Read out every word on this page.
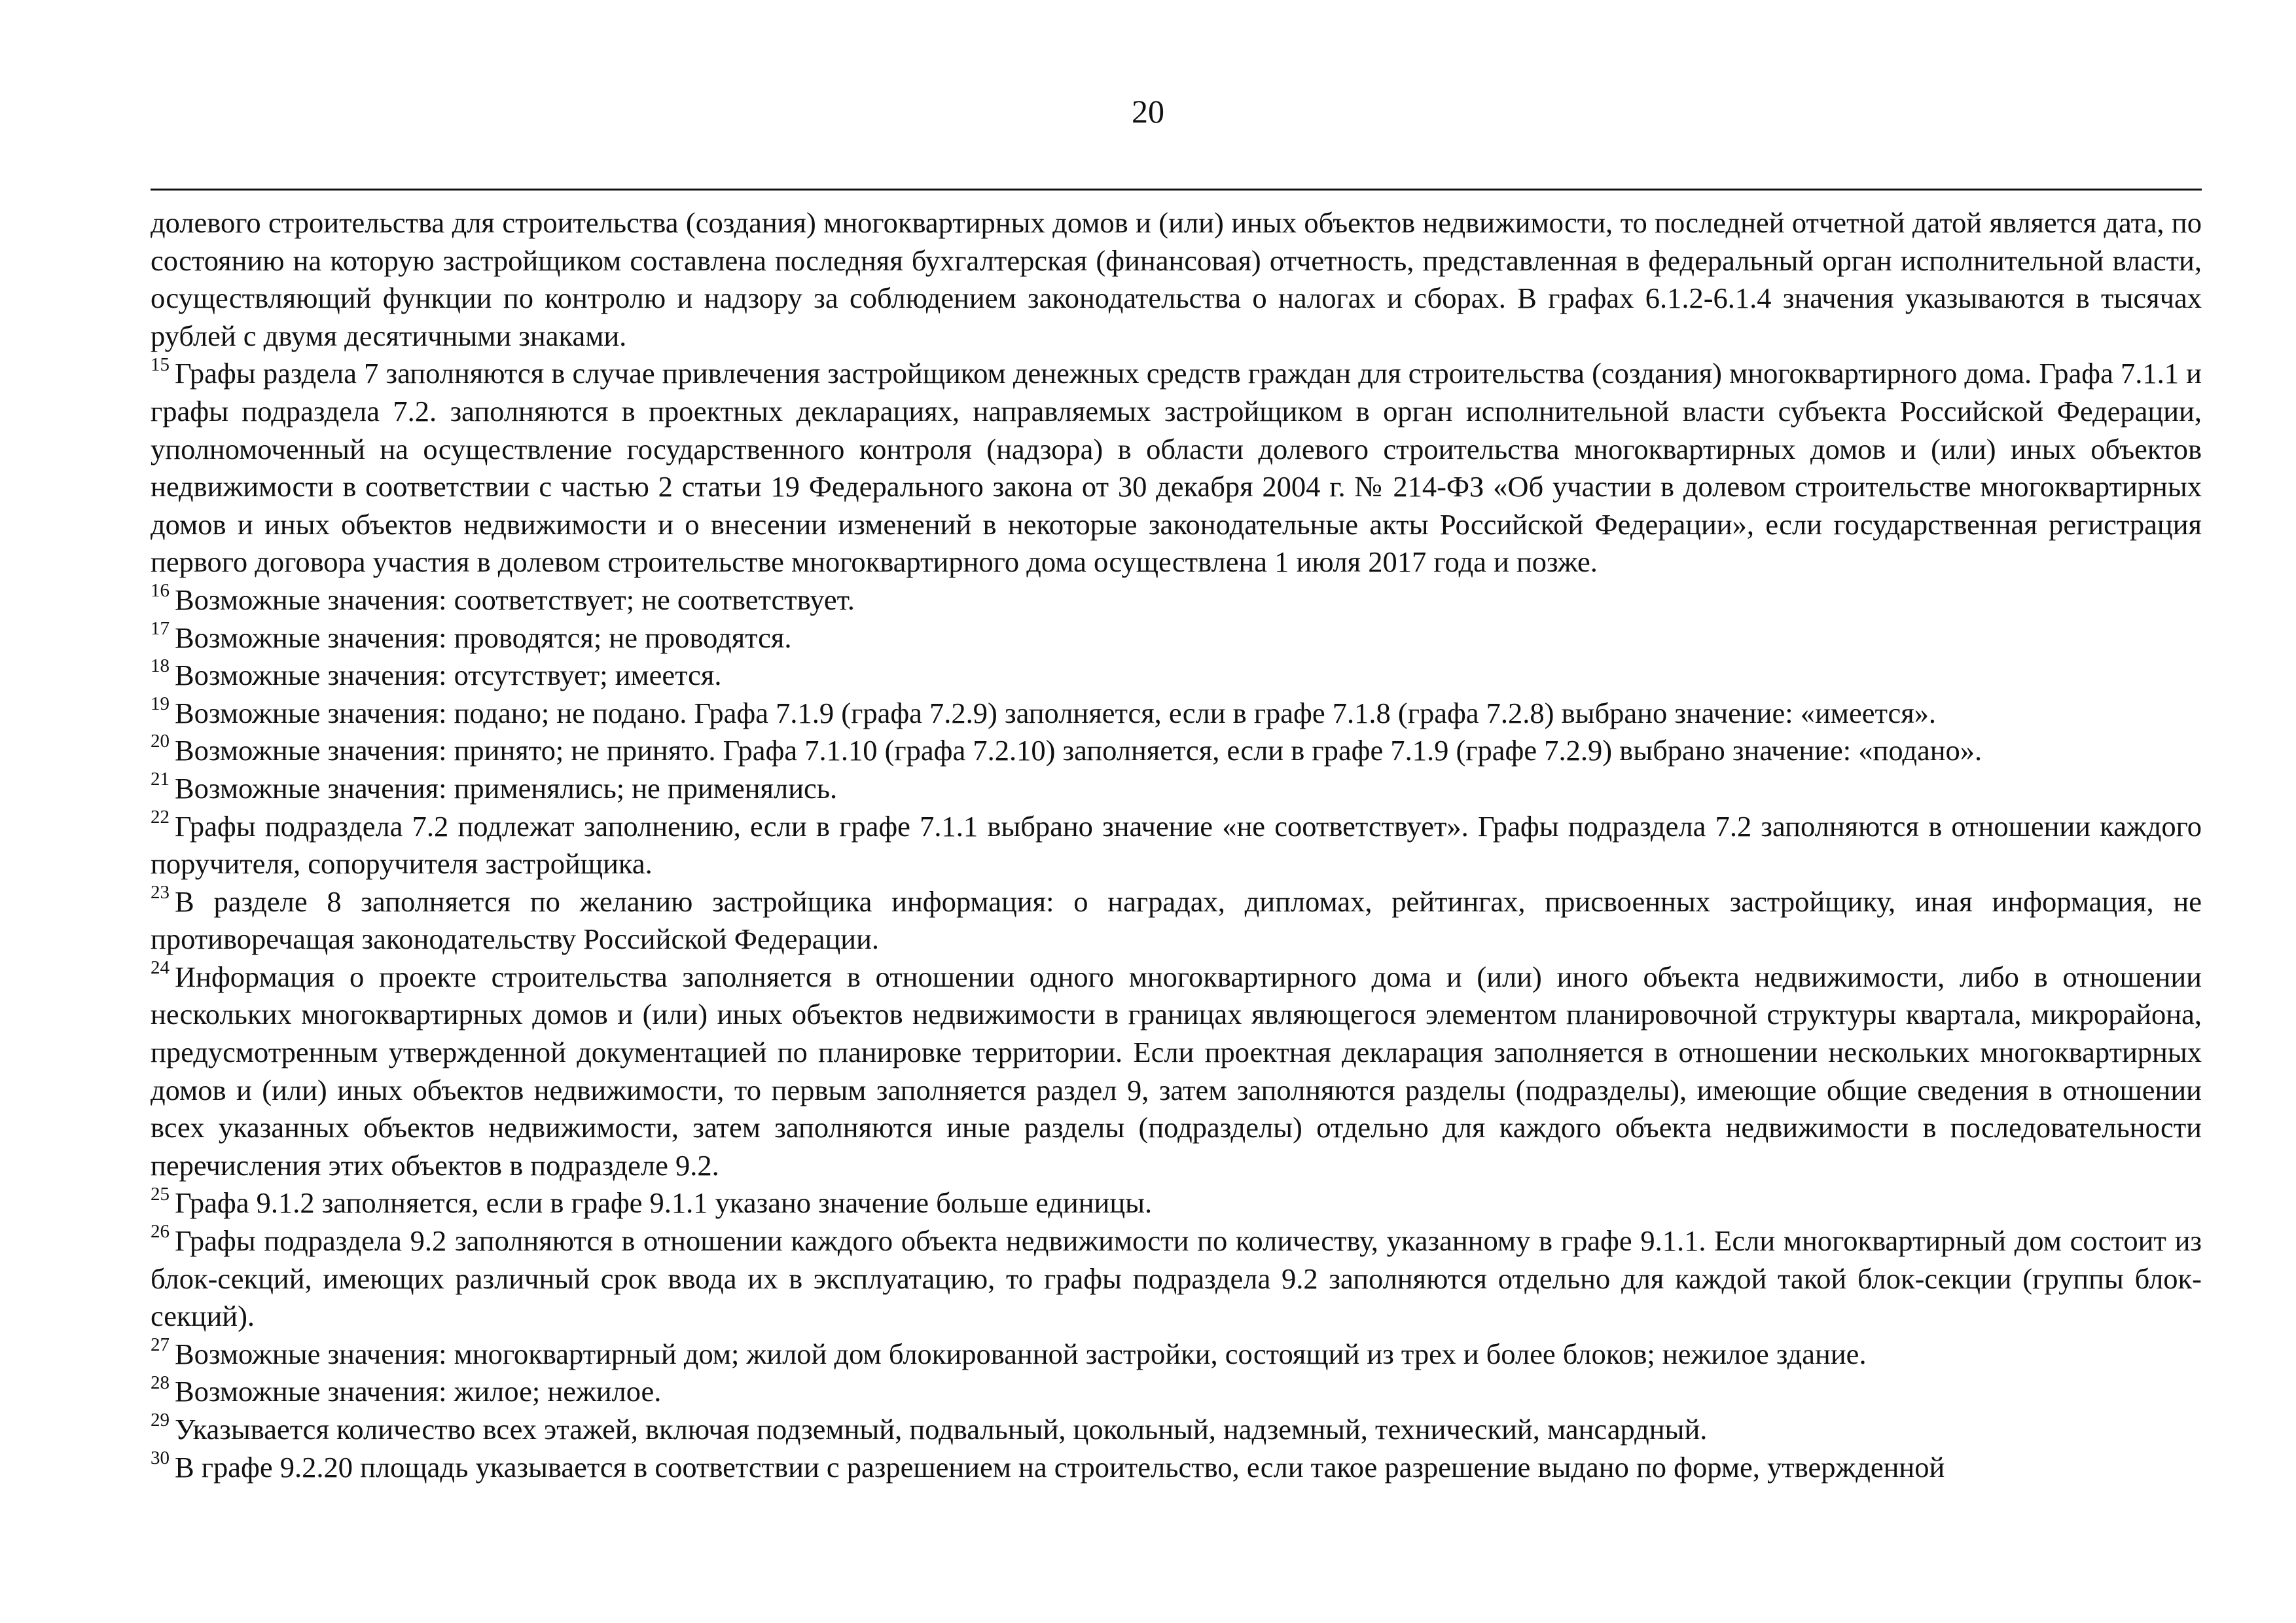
20

долевого строительства для строительства (создания) многоквартирных домов и (или) иных объектов недвижимости, то последней отчетной датой является дата, по состоянию на которую застройщиком составлена последняя бухгалтерская (финансовая) отчетность, представленная в федеральный орган исполнительной власти, осуществляющий функции по контролю и надзору за соблюдением законодательства о налогах и сборах. В графах 6.1.2-6.1.4 значения указываются в тысячах рублей с двумя десятичными знаками.

$^{15}$ Графы раздела 7 заполняются в случае привлечения застройщиком денежных средств граждан для строительства (создания) многоквартирного дома. Графа 7.1.1 и графы подраздела 7.2. заполняются в проектных декларациях, направляемых застройщиком в орган исполнительной власти субъекта Российской Федерации, уполномоченный на осуществление государственного контроля (надзора) в области долевого строительства многоквартирных домов и (или) иных объектов недвижимости в соответствии с частью 2 статьи 19 Федерального закона от 30 декабря 2004 г. № 214-ФЗ «Об участии в долевом строительстве многоквартирных домов и иных объектов недвижимости и о внесении изменений в некоторые законодательные акты Российской Федерации», если государственная регистрация первого договора участия в долевом строительстве многоквартирного дома осуществлена 1 июля 2017 года и позже.

$^{16}$ Возможные значения: соответствует; не соответствует.

$^{17}$ Возможные значения: проводятся; не проводятся.

$^{18}$ Возможные значения: отсутствует; имеется.

$^{19}$ Возможные значения: подано; не подано. Графа 7.1.9 (графа 7.2.9) заполняется, если в графе 7.1.8 (графа 7.2.8) выбрано значение: «имеется».

$^{20}$ Возможные значения: принято; не принято. Графа 7.1.10 (графа 7.2.10) заполняется, если в графе 7.1.9 (графе 7.2.9) выбрано значение: «подано».

$^{21}$ Возможные значения: применялись; не применялись.

$^{22}$ Графы подраздела 7.2 подлежат заполнению, если в графе 7.1.1 выбрано значение «не соответствует». Графы подраздела 7.2 заполняются в отношении каждого поручителя, сопоручителя застройщика.

$^{23}$ В разделе 8 заполняется по желанию застройщика информация: о наградах, дипломах, рейтингах, присвоенных застройщику, иная информация, не противоречащая законодательству Российской Федерации.

$^{24}$ Информация о проекте строительства заполняется в отношении одного многоквартирного дома и (или) иного объекта недвижимости, либо в отношении нескольких многоквартирных домов и (или) иных объектов недвижимости в границах являющегося элементом планировочной структуры квартала, микрорайона, предусмотренным утвержденной документацией по планировке территории. Если проектная декларация заполняется в отношении нескольких многоквартирных домов и (или) иных объектов недвижимости, то первым заполняется раздел 9, затем заполняются разделы (подразделы), имеющие общие сведения в отношении всех указанных объектов недвижимости, затем заполняются иные разделы (подразделы) отдельно для каждого объекта недвижимости в последовательности перечисления этих объектов в подразделе 9.2.

$^{25}$ Графа 9.1.2 заполняется, если в графе 9.1.1 указано значение больше единицы.

$^{26}$ Графы подраздела 9.2 заполняются в отношении каждого объекта недвижимости по количеству, указанному в графе 9.1.1. Если многоквартирный дом состоит из блок-секций, имеющих различный срок ввода их в эксплуатацию, то графы подраздела 9.2 заполняются отдельно для каждой такой блок-секции (группы блок-секций).

$^{27}$ Возможные значения: многоквартирный дом; жилой дом блокированной застройки, состоящий из трех и более блоков; нежилое здание.

$^{28}$ Возможные значения: жилое; нежилое.

$^{29}$ Указывается количество всех этажей, включая подземный, подвальный, цокольный, надземный, технический, мансардный.

$^{30}$ В графе 9.2.20 площадь указывается в соответствии с разрешением на строительство, если такое разрешение выдано по форме, утвержденной
